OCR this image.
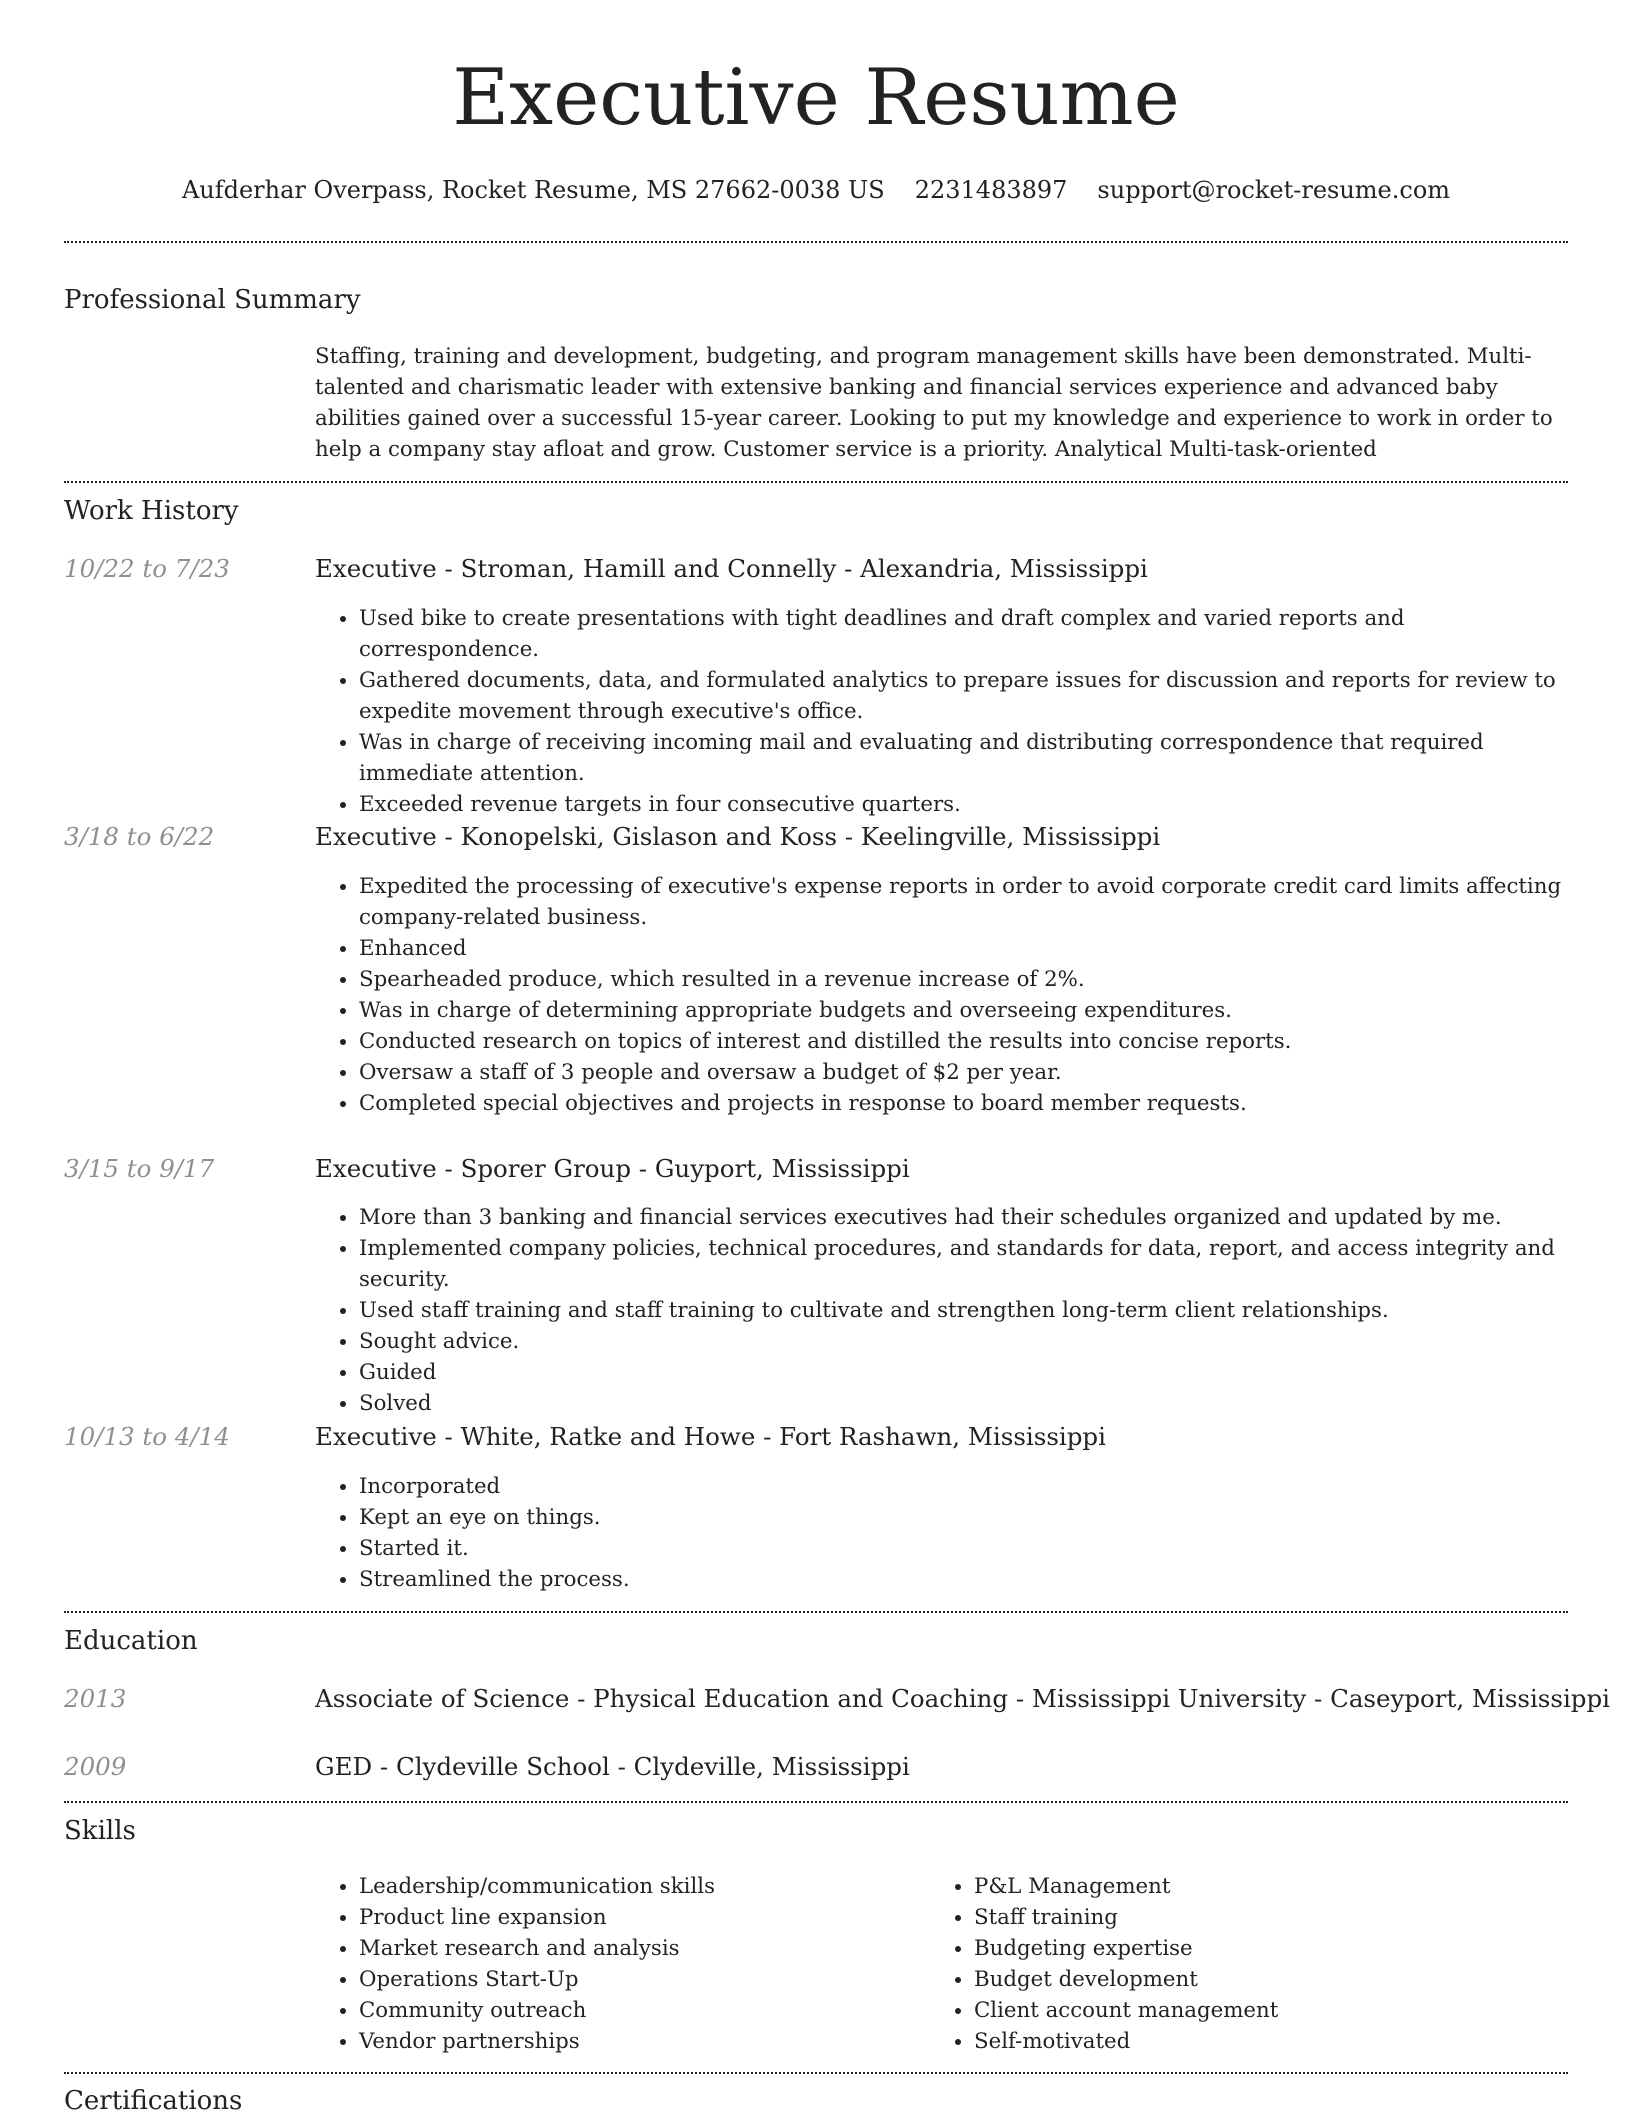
Executive Resume
Aufderhar Overpass, Rocket Resume, MS 27662-0038 US 2231483897 support@rocket-resume.com
Professional Summary
Staffing, training and development, budgeting, and program management skills have been demonstrated. Multi-talented and charismatic leader with extensive banking and financial services experience and advanced baby abilities gained over a successful 15-year career. Looking to put my knowledge and experience to work in order to help a company stay afloat and grow. Customer service is a priority. Analytical Multi-task-oriented
Work History
10/22 to 7/23	Executive - Stroman, Hamill and Connelly - Alexandria, Mississippi
• Used bike to create presentations with tight deadlines and draft complex and varied reports and correspondence.
• Gathered documents, data, and formulated analytics to prepare issues for discussion and reports for review to expedite movement through executive's office.
• Was in charge of receiving incoming mail and evaluating and distributing correspondence that required immediate attention.
• Exceeded revenue targets in four consecutive quarters.
3/18 to 6/22	Executive - Konopelski, Gislason and Koss - Keelingville, Mississippi
• Expedited the processing of executive's expense reports in order to avoid corporate credit card limits affecting company-related business.
• Enhanced
• Spearheaded produce, which resulted in a revenue increase of 2%.
• Was in charge of determining appropriate budgets and overseeing expenditures.
• Conducted research on topics of interest and distilled the results into concise reports.
• Oversaw a staff of 3 people and oversaw a budget of $2 per year.
• Completed special objectives and projects in response to board member requests.
3/15 to 9/17	Executive - Sporer Group - Guyport, Mississippi
• More than 3 banking and financial services executives had their schedules organized and updated by me.
• Implemented company policies, technical procedures, and standards for data, report, and access integrity and security.
• Used staff training and staff training to cultivate and strengthen long-term client relationships.
• Sought advice.
• Guided
• Solved
10/13 to 4/14	Executive - White, Ratke and Howe - Fort Rashawn, Mississippi
• Incorporated
• Kept an eye on things.
• Started it.
• Streamlined the process.
Education
2013	Associate of Science - Physical Education and Coaching - Mississippi University - Caseyport, Mississippi
2009	GED - Clydeville School - Clydeville, Mississippi
Skills
• Leadership/communication skills
• Product line expansion
• Market research and analysis
• Operations Start-Up
• Community outreach
• Vendor partnerships
• P&L Management
• Staff training
• Budgeting expertise
• Budget development
• Client account management
• Self-motivated
Certifications
